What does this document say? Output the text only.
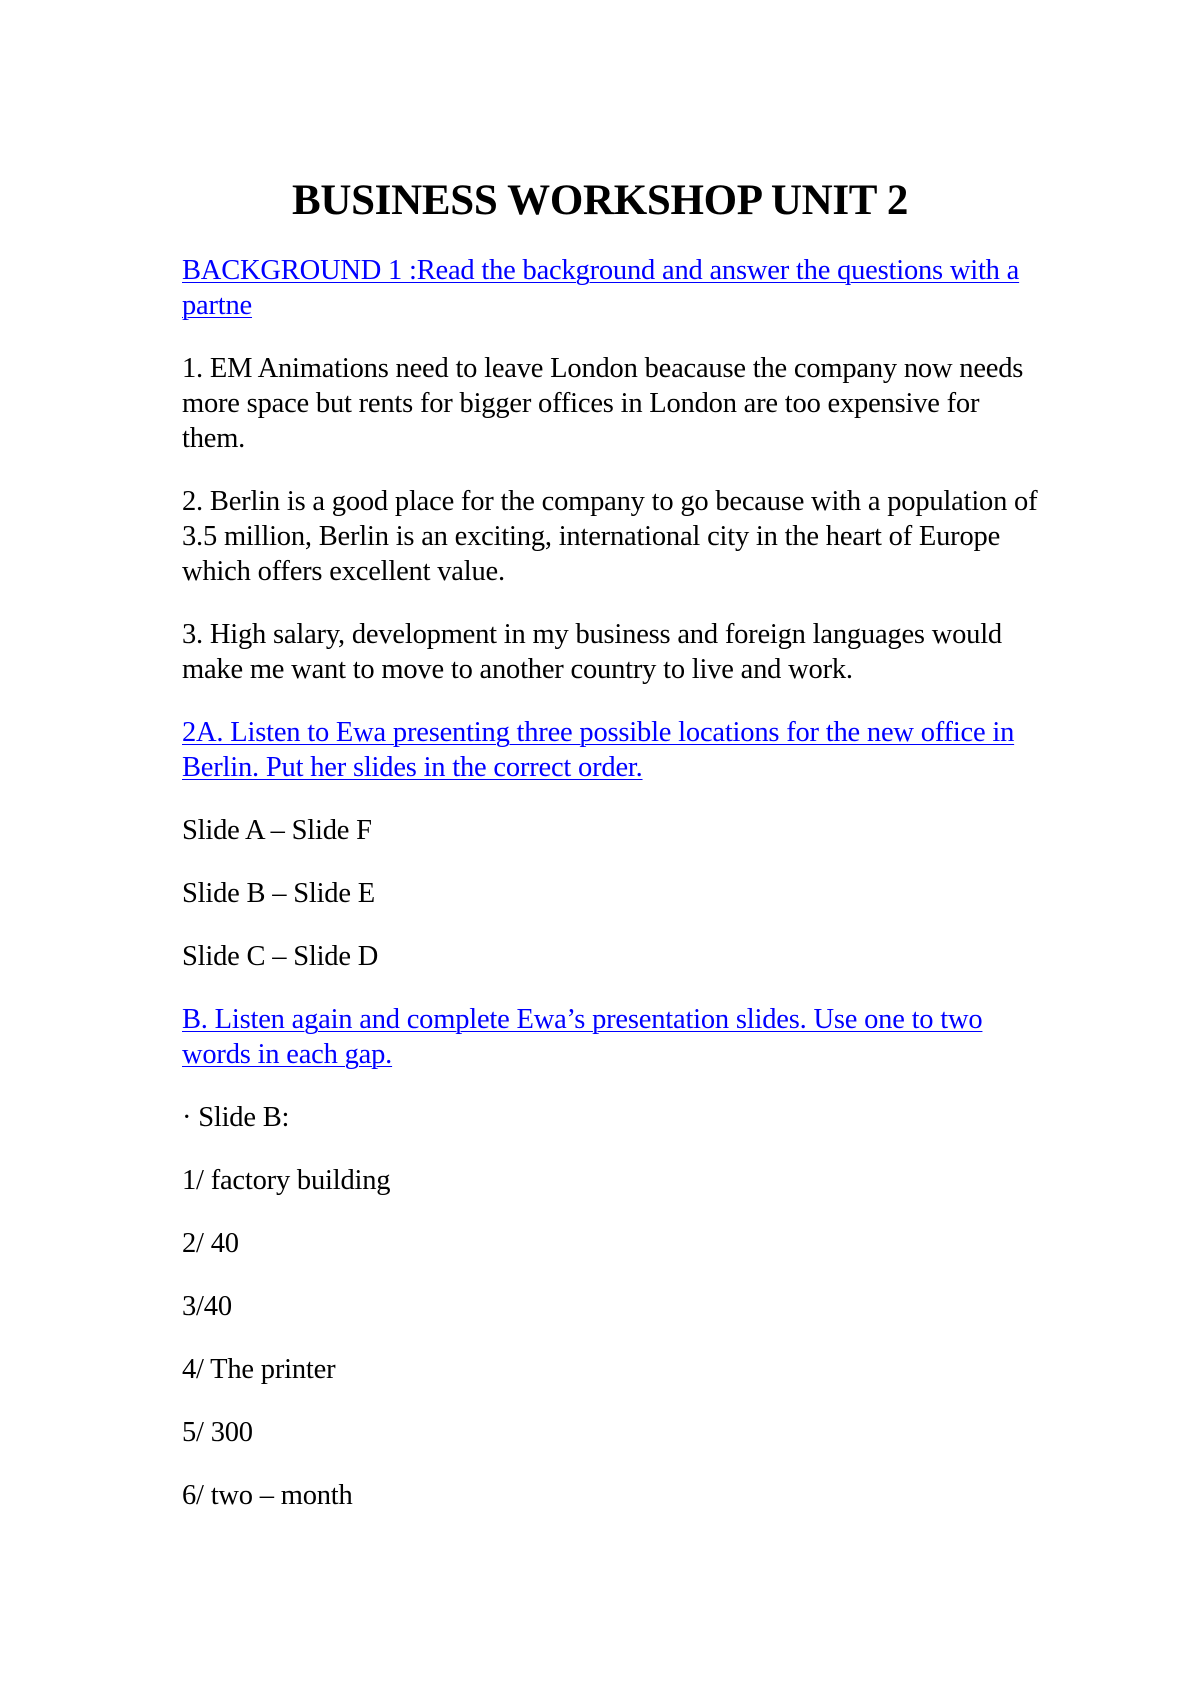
BUSINESS WORKSHOP UNIT 2

BACKGROUND 1 :Read the background and answer the questions with a partne

1. EM Animations need to leave London beacause the company now needs more space but rents for bigger offices in London are too expensive for them.

2. Berlin is a good place for the company to go because with a population of 3.5 million, Berlin is an exciting, international city in the heart of Europe which offers excellent value.

3. High salary, development in my business and foreign languages would make me want to move to another country to live and work.

2A. Listen to Ewa presenting three possible locations for the new office in Berlin. Put her slides in the correct order.

Slide A – Slide F

Slide B – Slide E

Slide C – Slide D

B. Listen again and complete Ewa’s presentation slides. Use one to two words in each gap.

· Slide B:

1/ factory building

2/ 40

3/40

4/ The printer

5/ 300

6/ two – month
